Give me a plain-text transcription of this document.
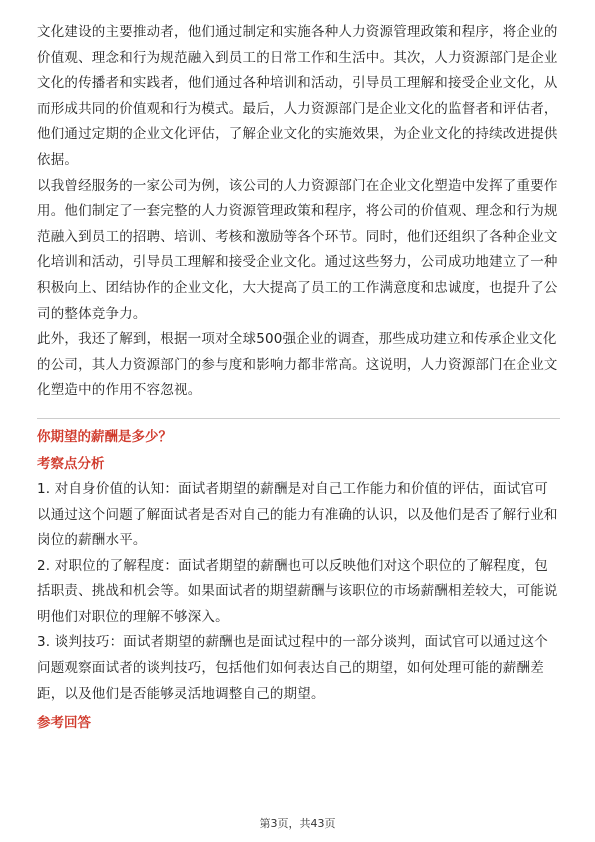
文化建设的主要推动者，他们通过制定和实施各种人力资源管理政策和程序，将企业的价值观、理念和行为规范融入到员工的日常工作和生活中。其次，人力资源部门是企业文化的传播者和实践者，他们通过各种培训和活动，引导员工理解和接受企业文化，从而形成共同的价值观和行为模式。最后，人力资源部门是企业文化的监督者和评估者，他们通过定期的企业文化评估，了解企业文化的实施效果，为企业文化的持续改进提供依据。

以我曾经服务的一家公司为例，该公司的人力资源部门在企业文化塑造中发挥了重要作用。他们制定了一套完整的人力资源管理政策和程序，将公司的价值观、理念和行为规范融入到员工的招聘、培训、考核和激励等各个环节。同时，他们还组织了各种企业文化培训和活动，引导员工理解和接受企业文化。通过这些努力，公司成功地建立了一种积极向上、团结协作的企业文化，大大提高了员工的工作满意度和忠诚度，也提升了公司的整体竞争力。

此外，我还了解到，根据一项对全球500强企业的调查，那些成功建立和传承企业文化的公司，其人力资源部门的参与度和影响力都非常高。这说明，人力资源部门在企业文化塑造中的作用不容忽视。

你期望的薪酬是多少？
考察点分析

1. 对自身价值的认知：面试者期望的薪酬是对自己工作能力和价值的评估，面试官可以通过这个问题了解面试者是否对自己的能力有准确的认识，以及他们是否了解行业和岗位的薪酬水平。

2. 对职位的了解程度：面试者期望的薪酬也可以反映他们对这个职位的了解程度，包括职责、挑战和机会等。如果面试者的期望薪酬与该职位的市场薪酬相差较大，可能说明他们对职位的理解不够深入。

3. 谈判技巧：面试者期望的薪酬也是面试过程中的一部分谈判，面试官可以通过这个问题观察面试者的谈判技巧，包括他们如何表达自己的期望，如何处理可能的薪酬差距，以及他们是否能够灵活地调整自己的期望。

参考回答
第3页，共43页
